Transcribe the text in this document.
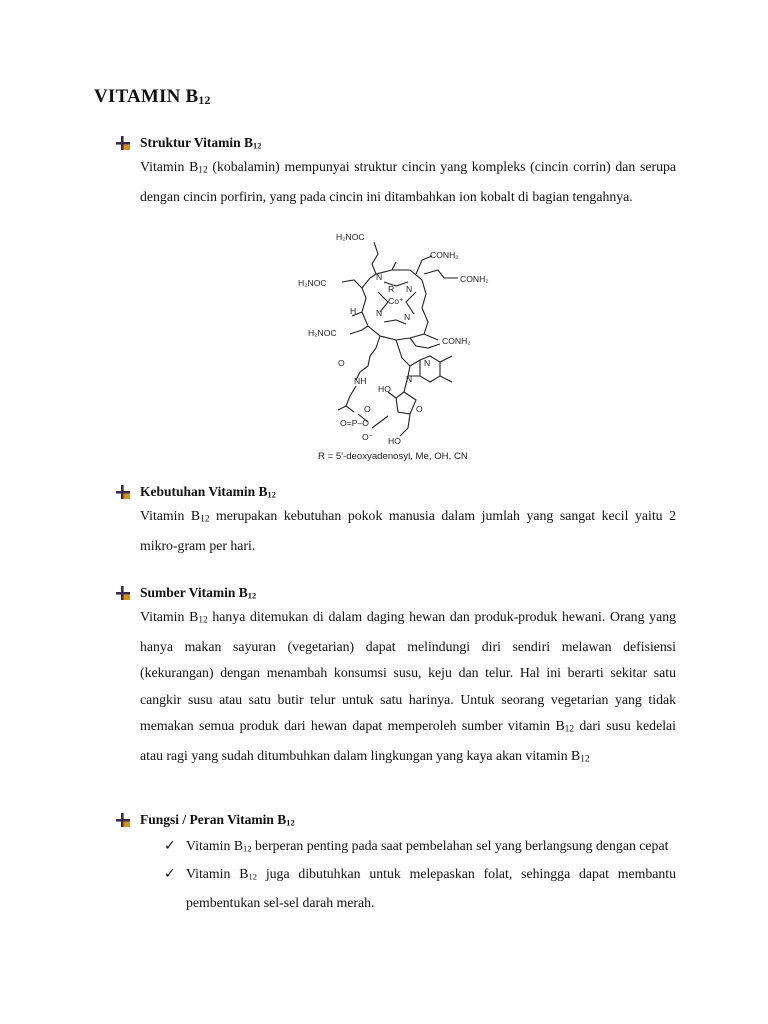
VITAMIN $B_{12}$
Struktur Vitamin B12
Vitamin B12 (kobalamin) mempunyai struktur cincin yang kompleks (cincin corrin) dan serupa dengan cincin porfirin, yang pada cincin ini ditambahkan ion kobalt di bagian tengahnya.
H₂NOC
CONH₂
CONH₂
H₂NOC
H₂NOC
CONH₂
N
N
N	N
R
Co⁺
H
O
NH
N
N
HO
O
O
O=P–O
O⁻ HO
R = 5'-deoxyadenosyl, Me, OH, CN
Kebutuhan Vitamin B12
Vitamin B12 merupakan kebutuhan pokok manusia dalam jumlah yang sangat kecil yaitu 2 mikro-gram per hari.
Sumber Vitamin B12
Vitamin B12 hanya ditemukan di dalam daging hewan dan produk-produk hewani. Orang yang hanya makan sayuran (vegetarian) dapat melindungi diri sendiri melawan defisiensi (kekurangan) dengan menambah konsumsi susu, keju dan telur. Hal ini berarti sekitar satu cangkir susu atau satu butir telur untuk satu harinya. Untuk seorang vegetarian yang tidak memakan semua produk dari hewan dapat memperoleh sumber vitamin B12 dari susu kedelai atau ragi yang sudah ditumbuhkan dalam lingkungan yang kaya akan vitamin B12
Fungsi / Peran Vitamin B12
✓ Vitamin B12 berperan penting pada saat pembelahan sel yang berlangsung dengan cepat
✓ Vitamin B12 juga dibutuhkan untuk melepaskan folat, sehingga dapat membantu pembentukan sel-sel darah merah.
